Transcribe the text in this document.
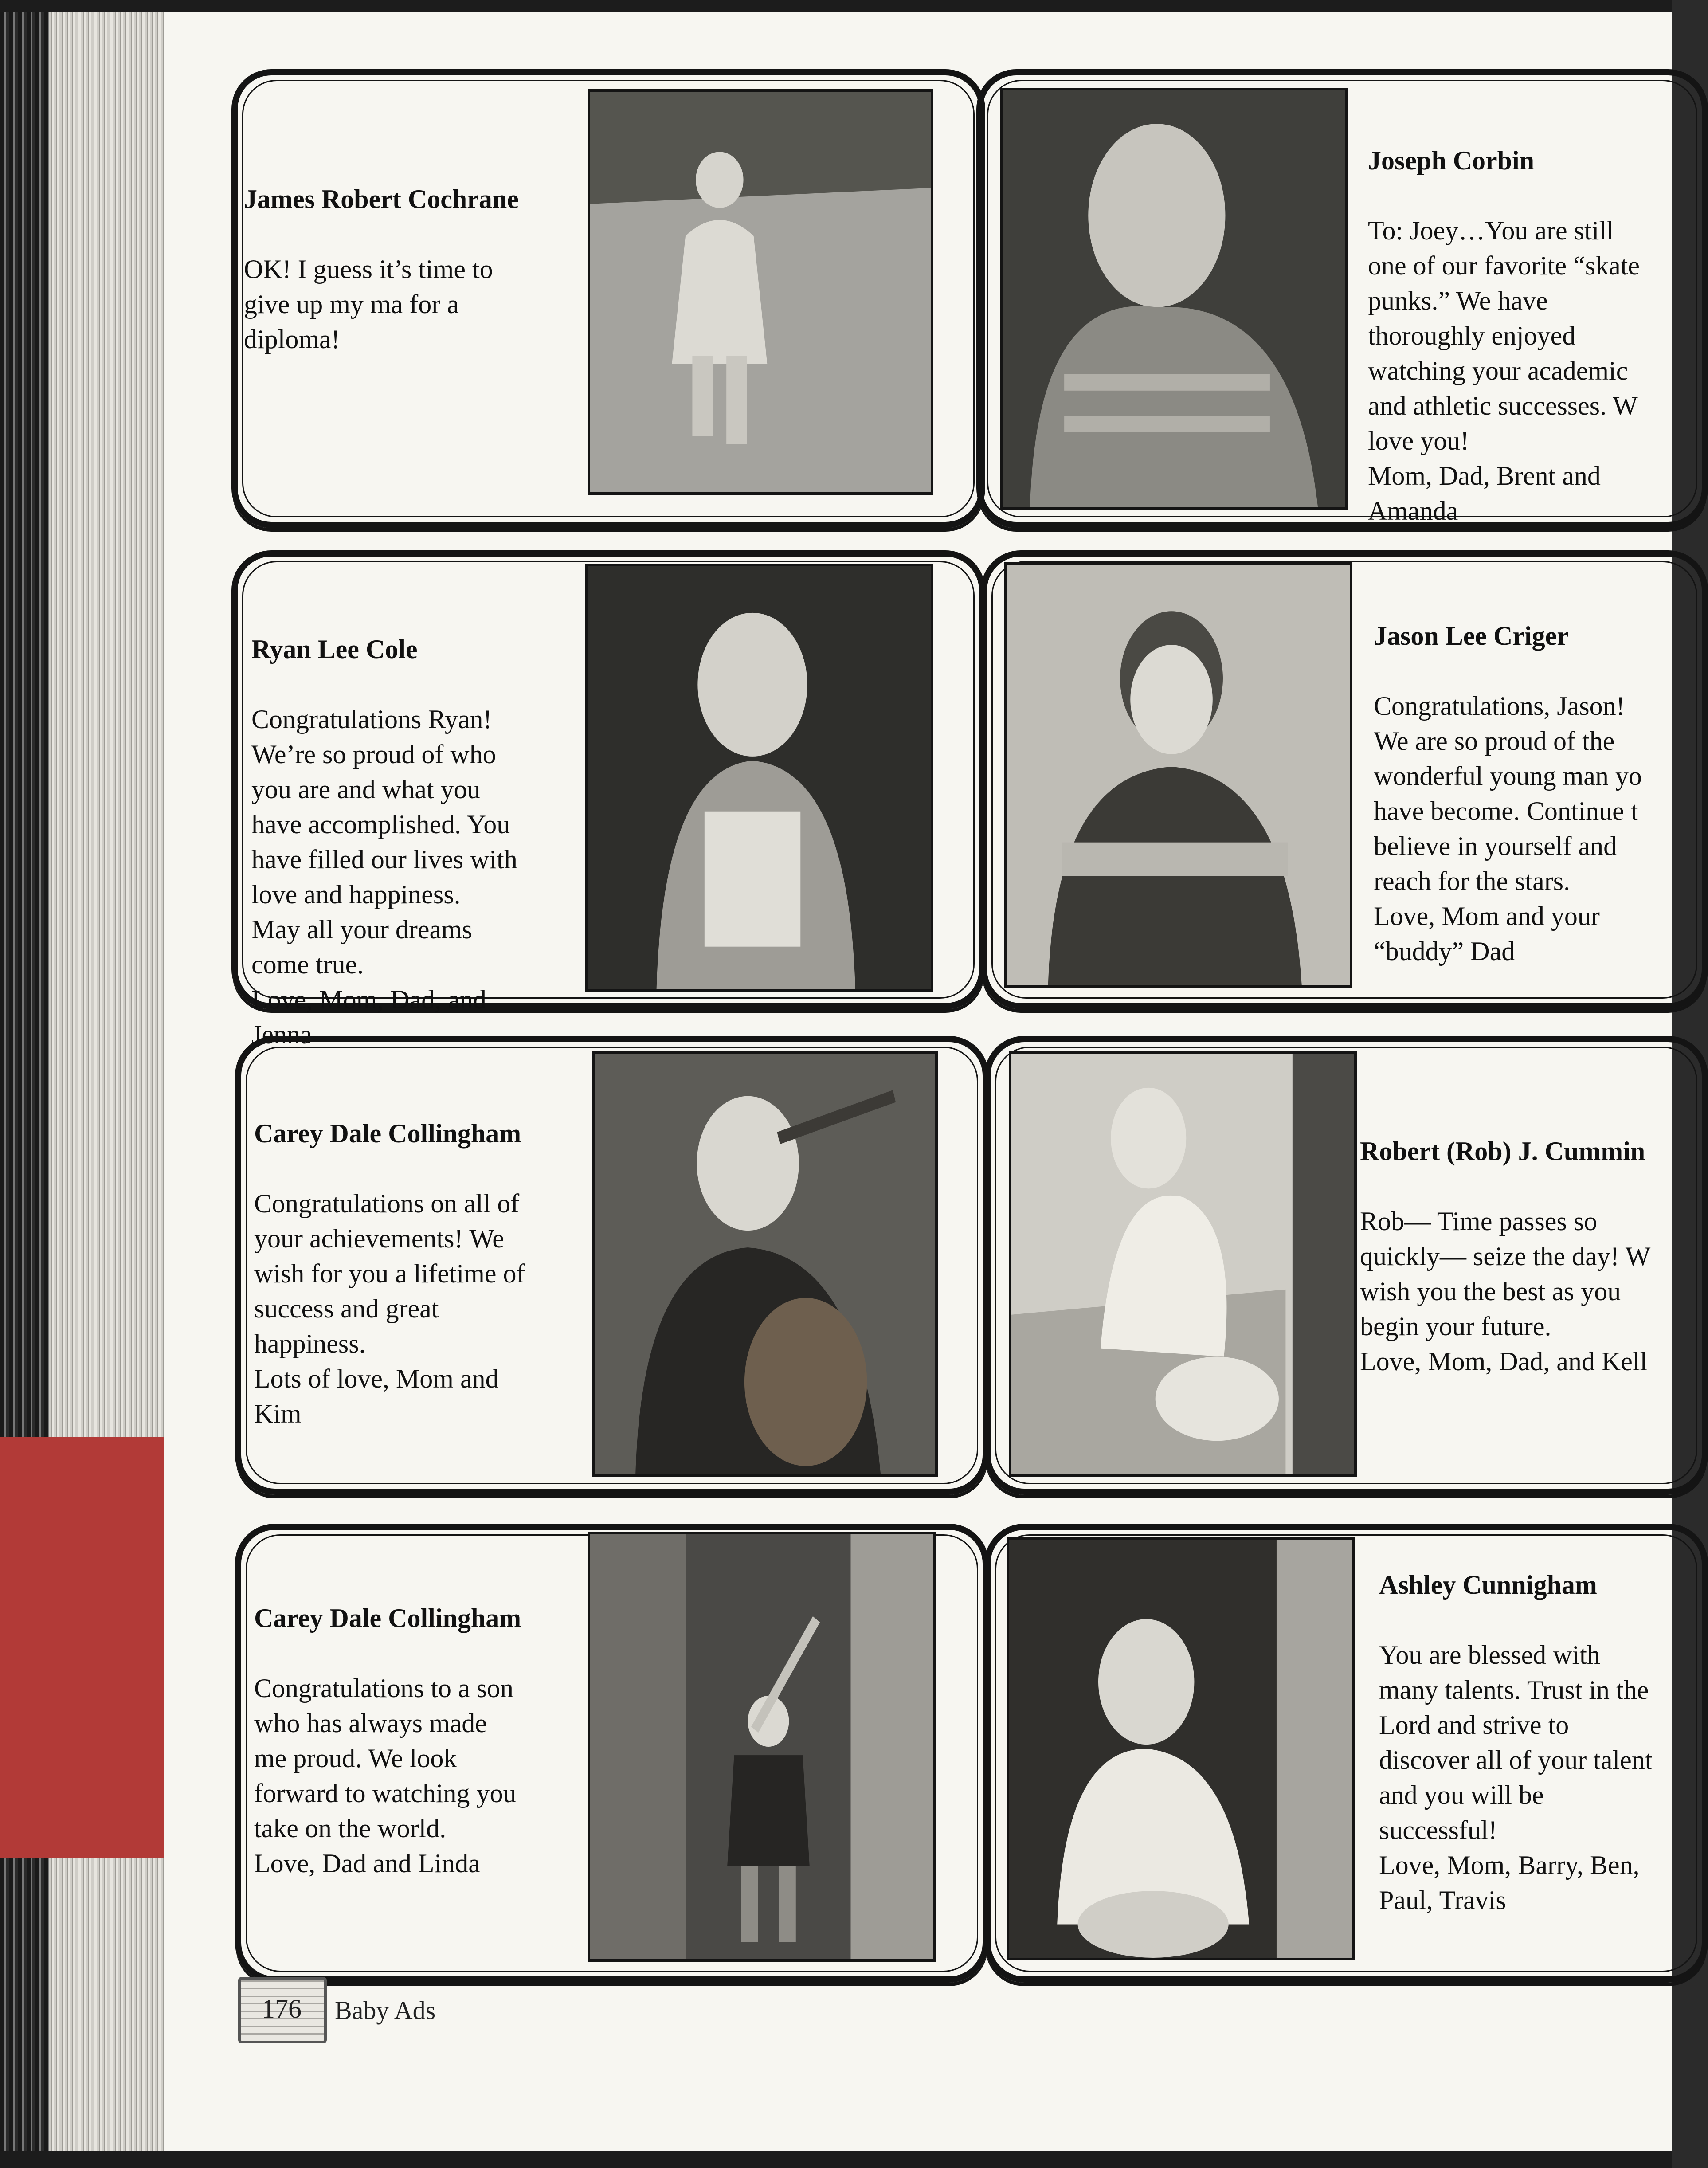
James Robert Cochrane

OK! I guess it’s time to
give up my ma for a
diploma!

Joseph Corbin

To: Joey…You are still
one of our favorite “skate
punks.” We have
thoroughly enjoyed
watching your academic
and athletic successes. W
love you!
Mom, Dad, Brent and
Amanda

Ryan Lee Cole

Congratulations Ryan!
We’re so proud of who
you are and what you
have accomplished. You
have filled our lives with
love and happiness.
May all your dreams
come true.
Love, Mom, Dad, and
Jenna

Jason Lee Criger

Congratulations, Jason!
We are so proud of the
wonderful young man yo
have become. Continue t
believe in yourself and
reach for the stars.
Love, Mom and your
“buddy” Dad

Carey Dale Collingham

Congratulations on all of
your achievements! We
wish for you a lifetime of
success and great
happiness.
Lots of love, Mom and
Kim

Robert (Rob) J. Cummin

Rob— Time passes so
quickly— seize the day! W
wish you the best as you
begin your future.
Love, Mom, Dad, and Kell

Carey Dale Collingham

Congratulations to a son
who has always made
me proud. We look
forward to watching you
take on the world.
Love, Dad and Linda

Ashley Cunnigham

You are blessed with
many talents. Trust in the
Lord and strive to
discover all of your talent
and you will be
successful!
Love, Mom, Barry, Ben,
Paul, Travis

176	Baby Ads
